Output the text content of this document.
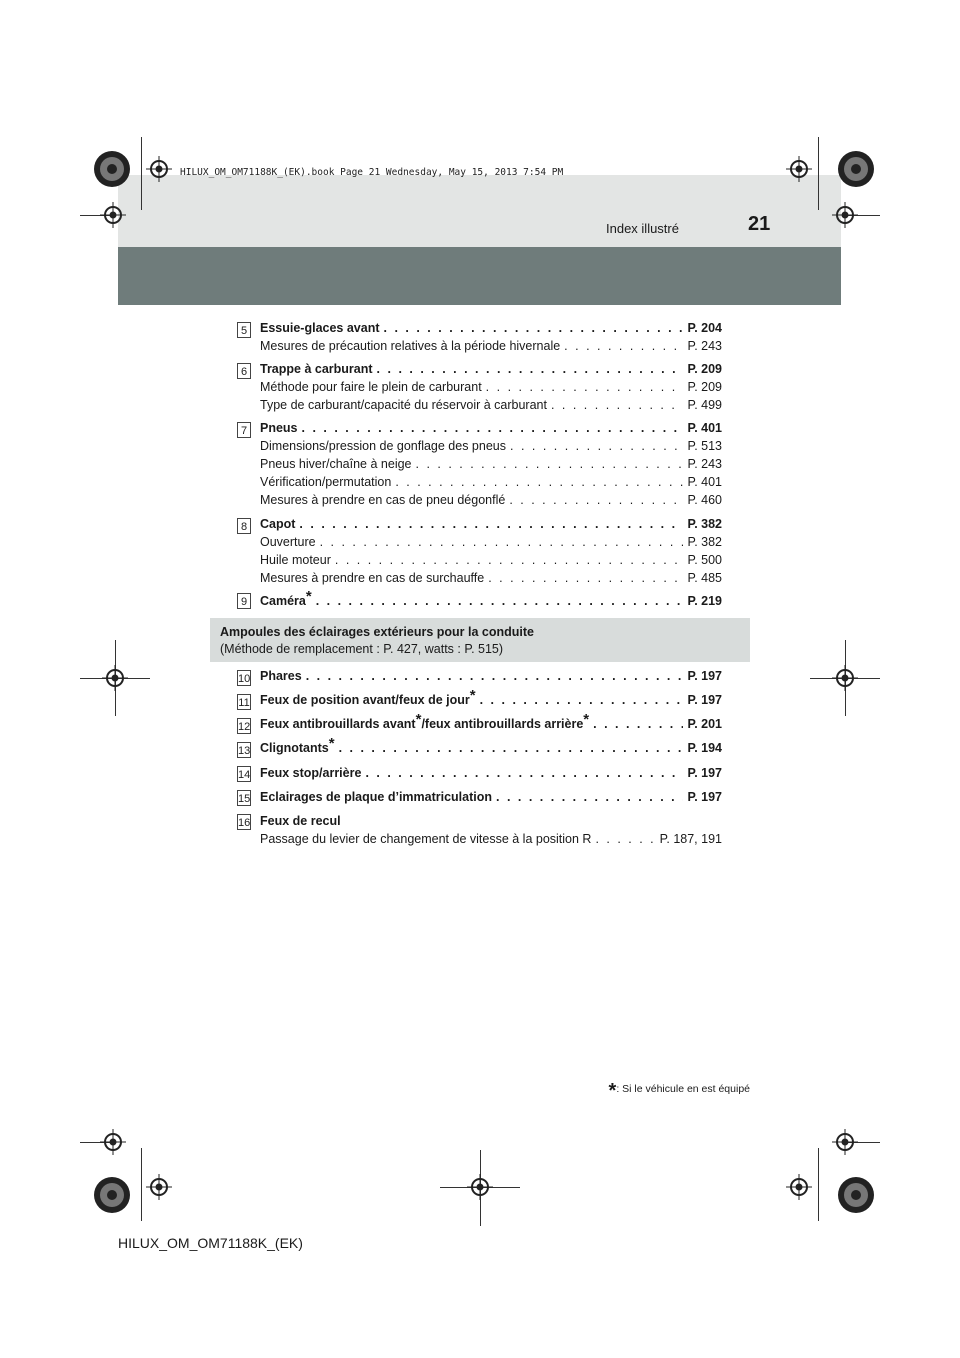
HILUX_OM_OM71188K_(EK).book Page 21 Wednesday, May 15, 2013 7:54 PM
Index illustré	21
5	Essuie-glaces avant . . .	P. 204
Mesures de précaution relatives à la période hivernale . . .	P. 243
6	Trappe à carburant . . .	P. 209
Méthode pour faire le plein de carburant . . .	P. 209
Type de carburant/capacité du réservoir à carburant . . .	P. 499
7	Pneus . . .	P. 401
Dimensions/pression de gonflage des pneus . . .	P. 513
Pneus hiver/chaîne à neige . . .	P. 243
Vérification/permutation . . .	P. 401
Mesures à prendre en cas de pneu dégonflé . . .	P. 460
8	Capot . . .	P. 382
Ouverture . . .	P. 382
Huile moteur . . .	P. 500
Mesures à prendre en cas de surchauffe . . .	P. 485
9	Caméra* . . .	P. 219
Ampoules des éclairages extérieurs pour la conduite
(Méthode de remplacement : P. 427, watts : P. 515)
10 Phares . . .	P. 197
11 Feux de position avant/feux de jour* . . .	P. 197
12 Feux antibrouillards avant*/feux antibrouillards arrière* . . .	P. 201
13 Clignotants* . . .	P. 194
14 Feux stop/arrière . . .	P. 197
15 Eclairages de plaque d’immatriculation . . .	P. 197
16 Feux de recul
Passage du levier de changement de vitesse à la position R . . .	P. 187, 191
*: Si le véhicule en est équipé
HILUX_OM_OM71188K_(EK)
